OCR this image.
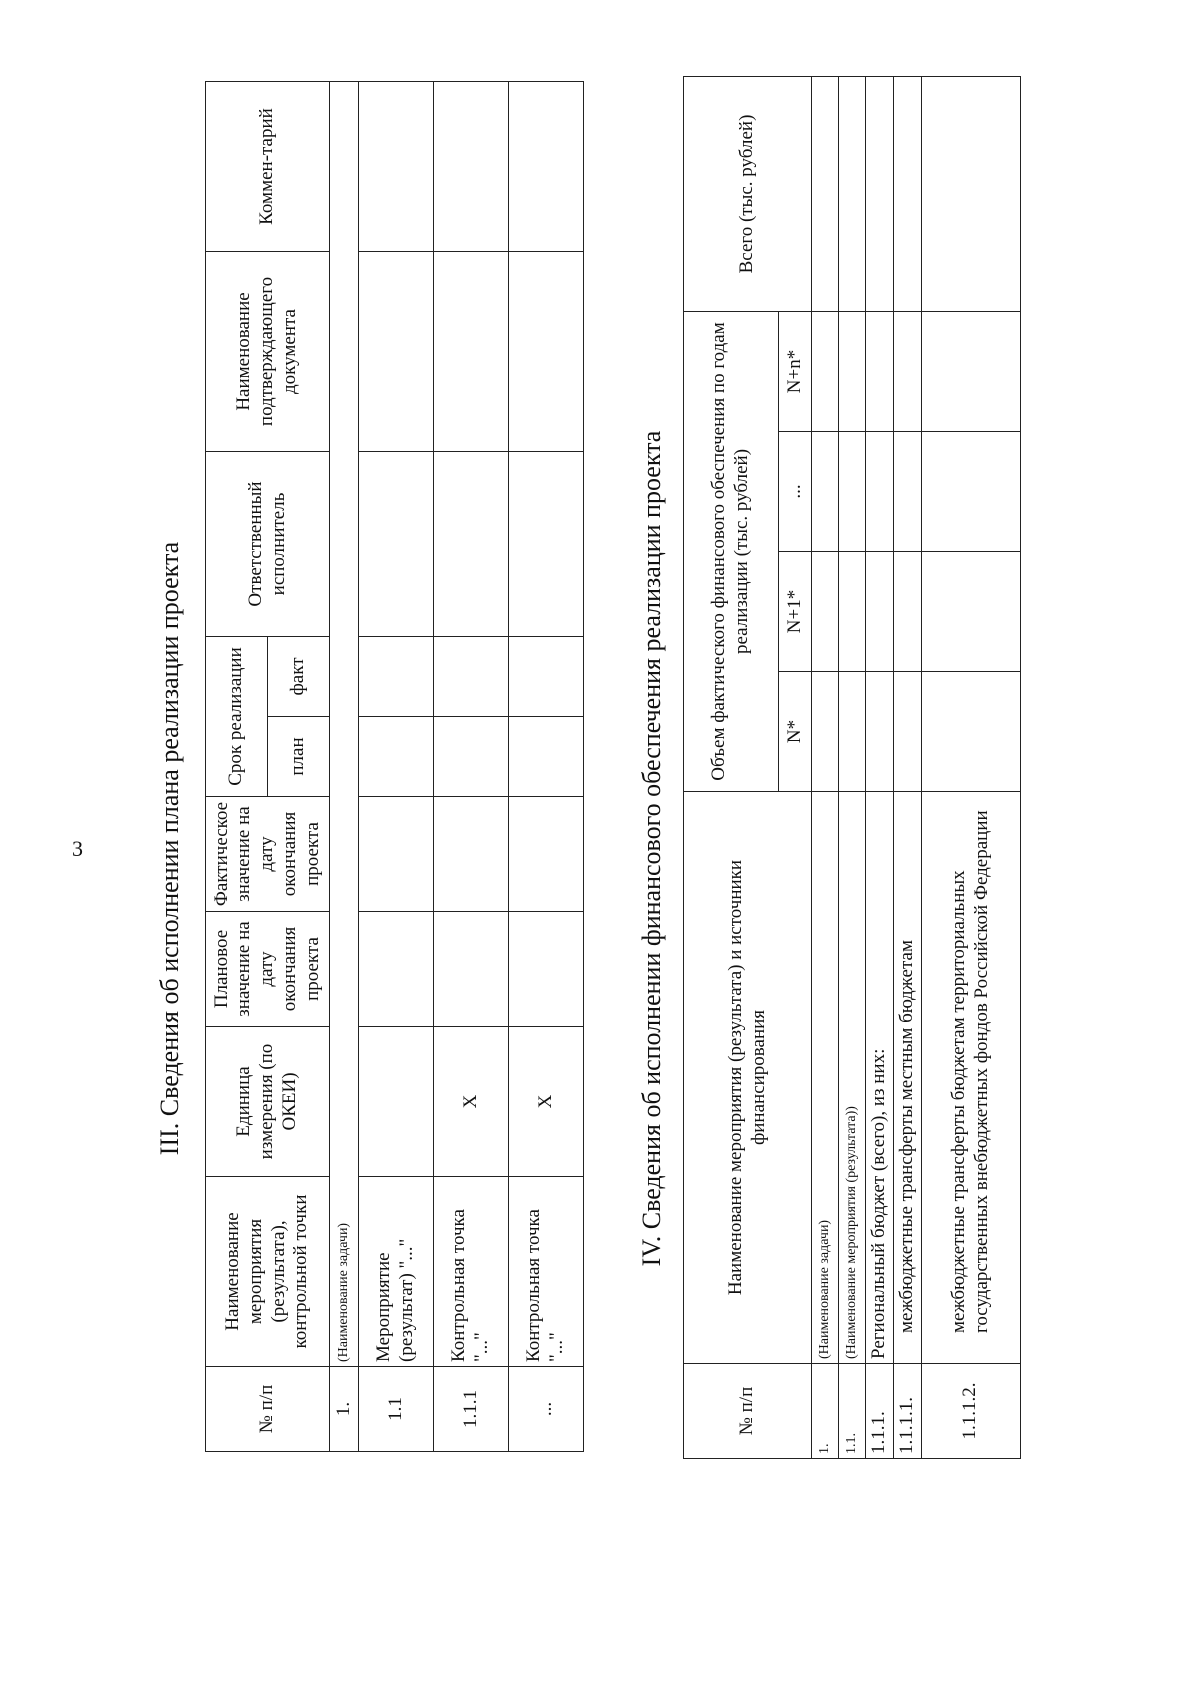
3	III. Сведения об исполнении плана реализации проекта
№ п/п	Наименование мероприятия (результата), контрольной точки	Единица измерения (по ОКЕИ)	Плановое значение на дату окончания проекта	Фактическое значение на дату окончания проекта	Срок реализации		Ответственный исполнитель	Наименование подтверждающего документа	Коммен-тарий
					план	факт			
1.	(Наименование задачи)								
1.1	Мероприятие (результат) "..."								
1.1.1	Контрольная точка "..."	X							
...	Контрольная точка "..."	X								IV. Сведения об исполнении финансового обеспечения реализации проекта
№ п/п	Наименование мероприятия (результата) и источники финансирования	Объем фактического финансового обеспечения по годам реализации (тыс. рублей)				Всего (тыс. рублей)
		N*	N+1*	...	N+n*	
1.	(Наименование задачи)					
1.1.	(Наименование мероприятия (результата))					
1.1.1.	Региональный бюджет (всего), из них:					
1.1.1.1.	межбюджетные трансферты местным бюджетам					
1.1.1.2.	межбюджетные трансферты бюджетам территориальных государственных внебюджетных фондов Российской Федерации					
